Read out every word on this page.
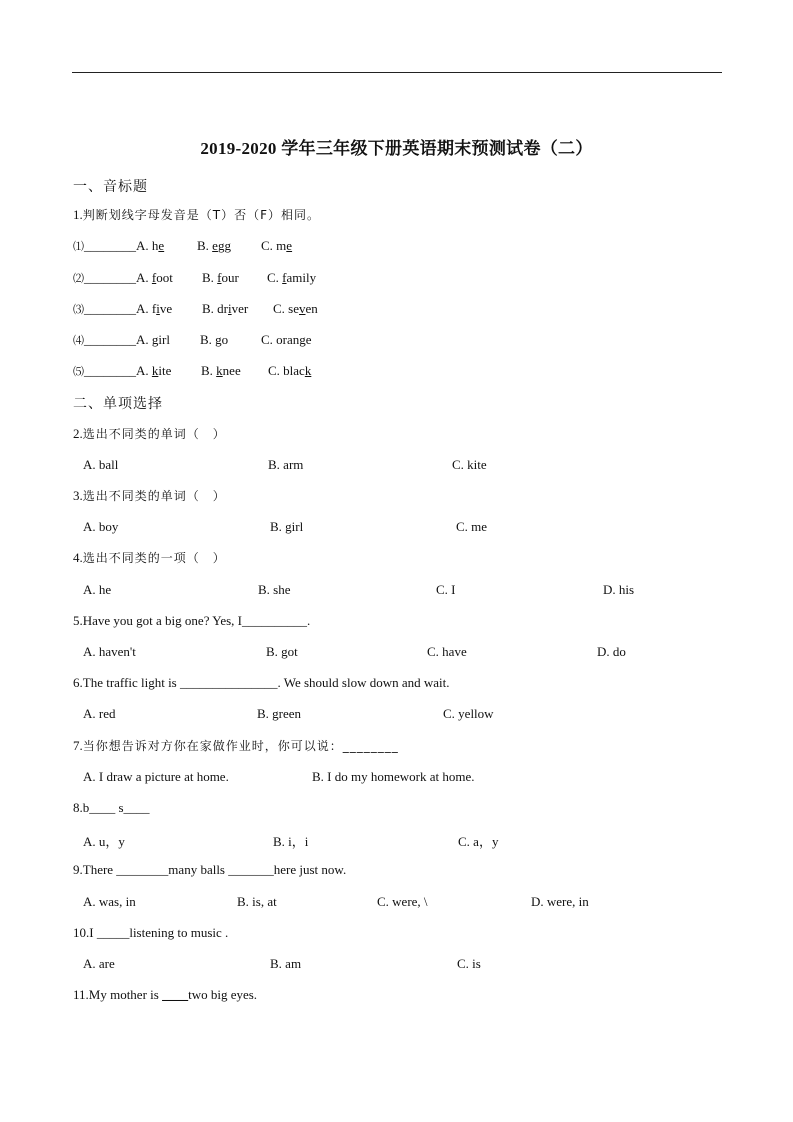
2019-2020 学年三年级下册英语期末预测试卷（二）
一、音标题
1.判断划线字母发音是（T）否（F）相同。
⑴________A. he	B. egg C. me
⑵________A. foot B. four C. family
⑶________A. five B. driver C. seven
⑷________A. girl B. go	C. orange
⑸________A. kite B. knee C. black
二、单项选择
2.选出不同类的单词（　）
A. ball	B. arm	C. kite
3.选出不同类的单词（　）
A. boy	B. girl	C. me
4.选出不同类的一项（　）
A. he	B. she	C. I	D. his
5.Have you got a big one? Yes, I__________.
A. haven't	B. got	C. have	D. do
6.The traffic light is _______________. We should slow down and wait.
A. red	B. green	C. yellow
7.当你想告诉对方你在家做作业时，你可以说：________
A. I draw a picture at home.	B. I do my homework at home.
8.b____ s____
A. u，y	B. i，i	C. a，y
9.There ________many balls _______here just now.
A. was, in	B. is, at	C. were, \	D. were, in
10.I _____listening to music .
A. are	B. am	C. is
11.My mother is ____two big eyes.
